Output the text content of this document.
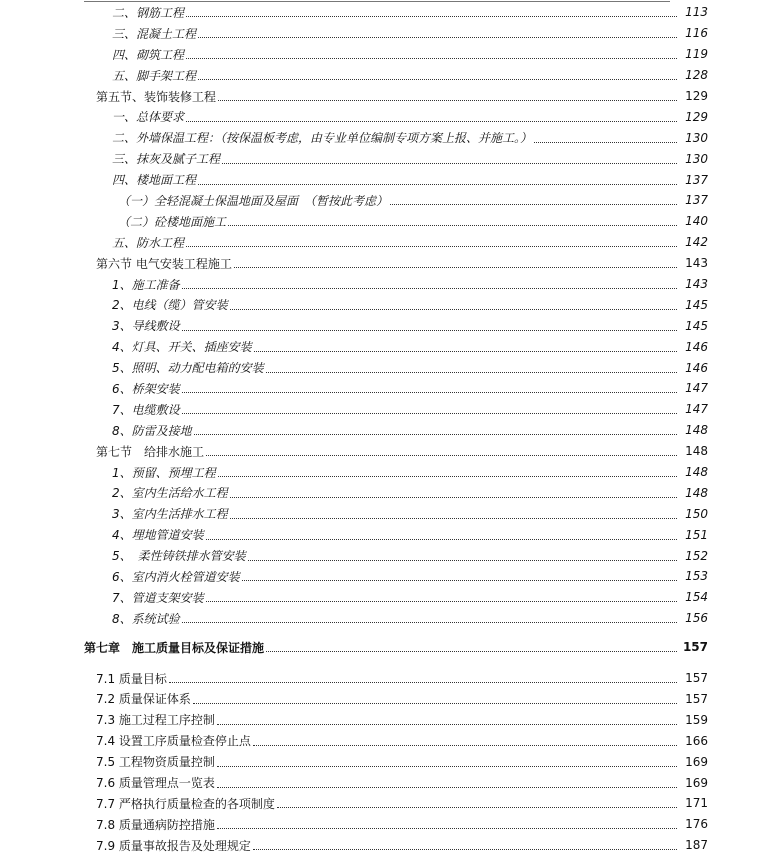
二、钢筋工程	113
三、混凝土工程	116
四、砌筑工程	119
五、脚手架工程	128
第五节、装饰装修工程	129
一、总体要求	129
二、外墙保温工程：（按保温板考虑，由专业单位编制专项方案上报、并施工。）	130
三、抹灰及腻子工程	130
四、楼地面工程	137
（一）全轻混凝土保温地面及屋面　（暂按此考虑）	137
（二）砼楼地面施工	140
五、防水工程	142
第六节 电气安装工程施工	143
1、施工准备	143
2、电线（缆）管安装	145
3、导线敷设	145
4、灯具、开关、插座安装	146
5、照明、动力配电箱的安装	146
6、桥架安装	147
7、电缆敷设	147
8、防雷及接地	148
第七节　给排水施工	148
1、预留、预埋工程	148
2、室内生活给水工程	148
3、室内生活排水工程	150
4、埋地管道安装	151
5、　柔性铸铁排水管安装	152
6、室内消火栓管道安装	153
7、管道支架安装	154
8、系统试验	156
第七章　施工质量目标及保证措施	157
7.1 质量目标	157
7.2 质量保证体系	157
7.3 施工过程工序控制	159
7.4 设置工序质量检查停止点	166
7.5 工程物资质量控制	169
7.6 质量管理点一览表	169
7.7 严格执行质量检查的各项制度	171
7.8 质量通病防控措施	176
7.9 质量事故报告及处理规定	187
